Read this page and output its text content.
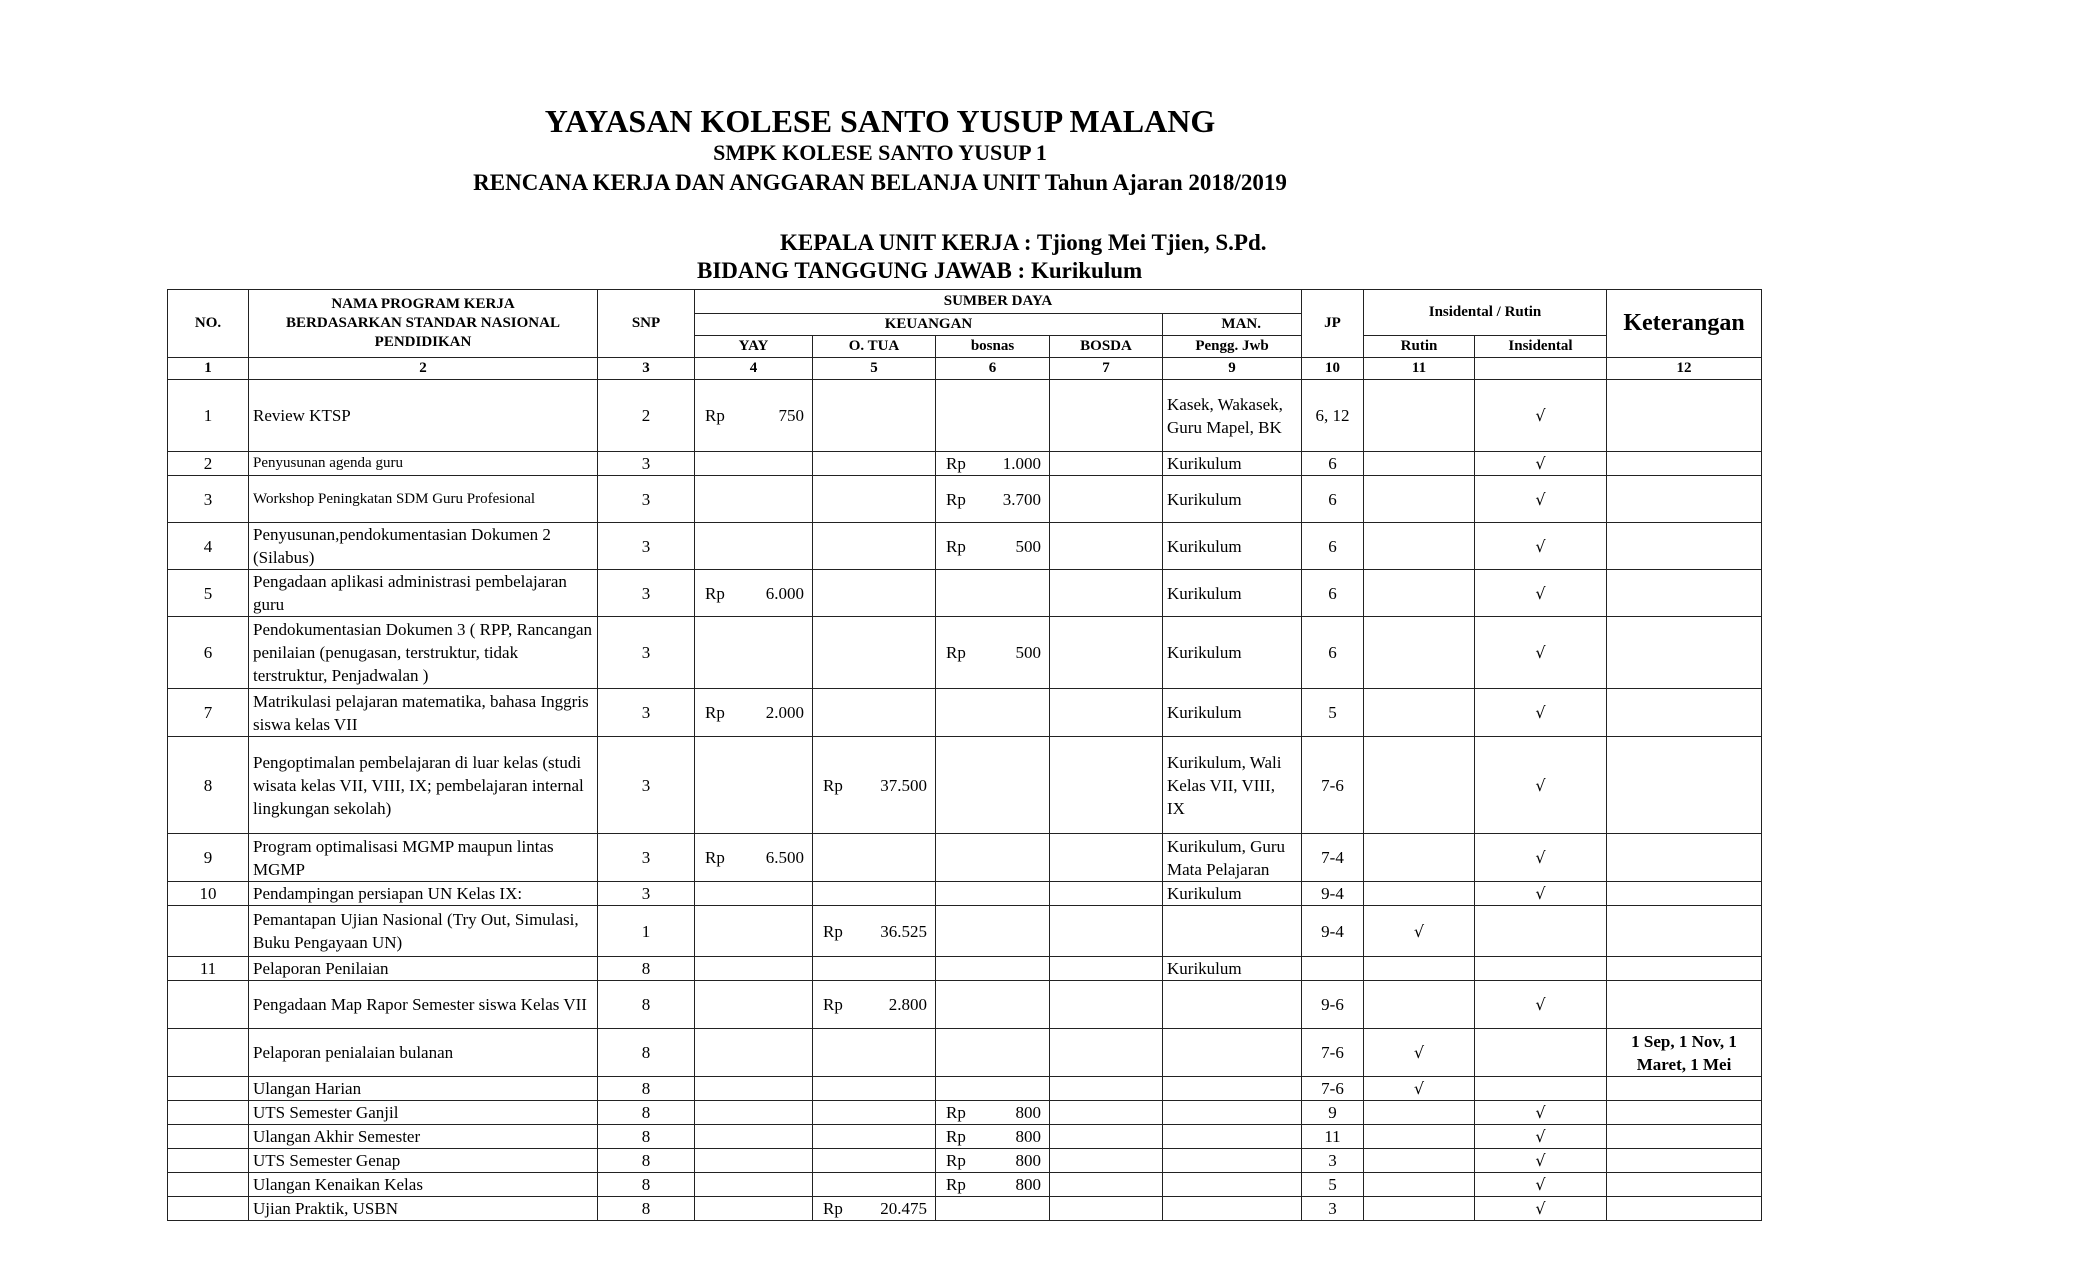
YAYASAN KOLESE SANTO YUSUP MALANG
SMPK KOLESE SANTO YUSUP 1
RENCANA KERJA DAN ANGGARAN BELANJA UNIT Tahun Ajaran 2018/2019
KEPALA UNIT KERJA : Tjiong Mei Tjien, S.Pd.
BIDANG TANGGUNG JAWAB : Kurikulum
NO.	NAMA PROGRAM KERJA
BERDASARKAN STANDAR NASIONAL
PENDIDIKAN	SNP	SUMBER DAYA					JP	Insidental / Rutin		Keterangan
			KEUANGAN				MAN.				
			YAY	O. TUA	bosnas	BOSDA	Pengg. Jwb		Rutin	Insidental	
1	2	3	4	5	6	7	9	10	11		12
1	Review KTSP	2	Rp 750				Kasek, Wakasek, Guru Mapel, BK	6, 12		√	
2	Penyusunan agenda guru	3			Rp 1.000		Kurikulum	6		√	
3	Workshop Peningkatan SDM Guru Profesional	3			Rp 3.700		Kurikulum	6		√	
4	Penyusunan,pendokumentasian Dokumen 2 (Silabus)	3			Rp 500		Kurikulum	6		√	
5	Pengadaan aplikasi administrasi pembelajaran guru	3	Rp 6.000				Kurikulum	6		√	
6	Pendokumentasian Dokumen 3 ( RPP, Rancangan penilaian (penugasan, terstruktur, tidak terstruktur, Penjadwalan )	3			Rp 500		Kurikulum	6		√	
7	Matrikulasi pelajaran matematika, bahasa Inggris siswa kelas VII	3	Rp 2.000				Kurikulum	5		√	
8	Pengoptimalan pembelajaran di luar kelas (studi wisata kelas VII, VIII, IX; pembelajaran internal lingkungan sekolah)	3		Rp 37.500			Kurikulum, Wali Kelas VII, VIII, IX	7-6		√	
9	Program optimalisasi MGMP maupun lintas MGMP	3	Rp 6.500				Kurikulum, Guru Mata Pelajaran	7-4		√	
10	Pendampingan persiapan UN Kelas IX:	3					Kurikulum	9-4		√	
	Pemantapan Ujian Nasional (Try Out, Simulasi, Buku Pengayaan UN)	1		Rp 36.525				9-4	√		
11	Pelaporan Penilaian	8					Kurikulum				
	Pengadaan Map Rapor Semester siswa Kelas VII	8		Rp 2.800				9-6		√	
	Pelaporan penialaian bulanan	8						7-6	√		1 Sep, 1 Nov, 1 Maret, 1 Mei
	Ulangan Harian	8						7-6	√		
	UTS Semester Ganjil	8			Rp 800			9		√	
	Ulangan Akhir Semester	8			Rp 800			11		√	
	UTS Semester Genap	8			Rp 800			3		√	
	Ulangan Kenaikan Kelas	8			Rp 800			5		√	
	Ujian Praktik, USBN	8		Rp 20.475				3		√	
